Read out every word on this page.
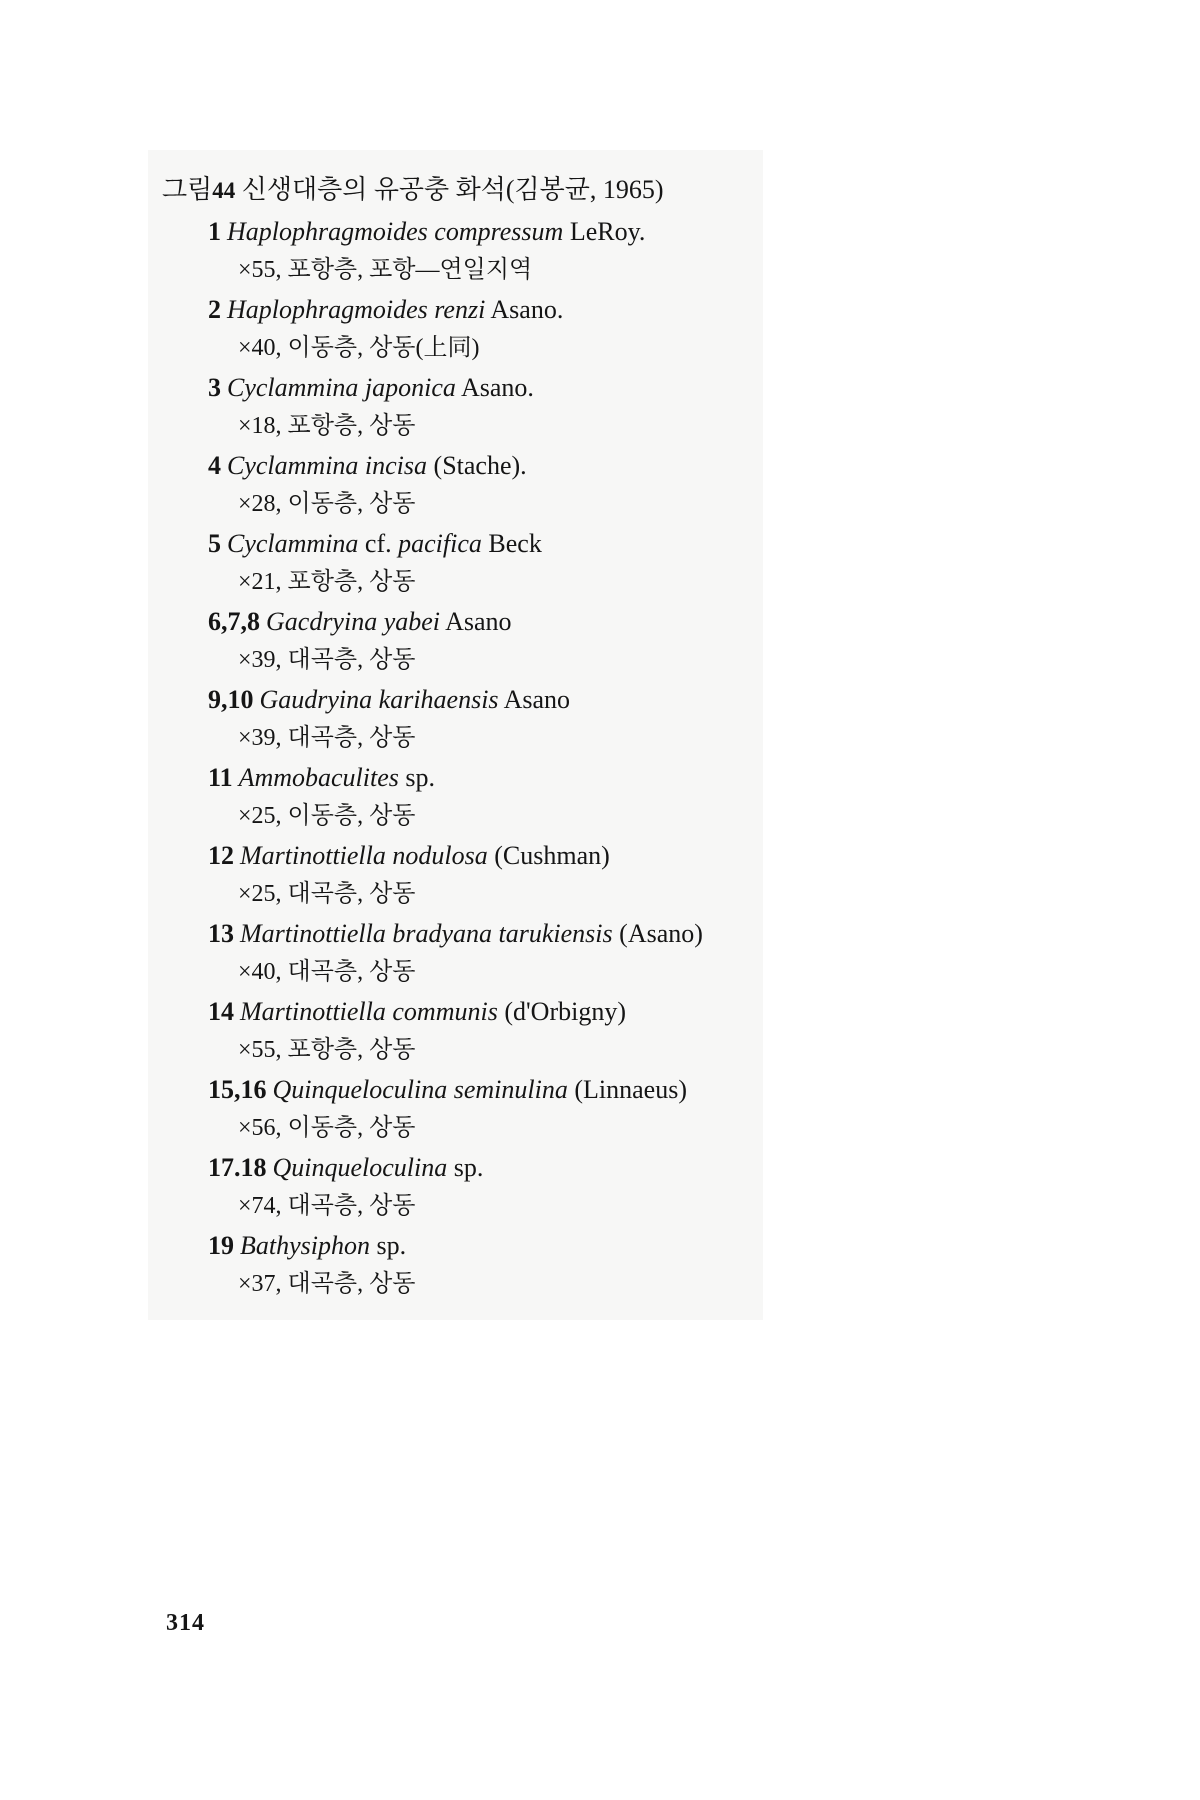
그림44 신생대층의 유공충 화석(김봉균, 1965)
1 Haplophragmoides compressum LeRoy.
×55, 포항층, 포항—연일지역
2 Haplophragmoides renzi Asano.
×40, 이동층, 상동(上同)
3 Cyclammina japonica Asano.
×18, 포항층, 상동
4 Cyclammina incisa (Stache).
×28, 이동층, 상동
5 Cyclammina cf. pacifica Beck
×21, 포항층, 상동
6,7,8 Gacdryina yabei Asano
×39, 대곡층, 상동
9,10 Gaudryina karihaensis Asano
×39, 대곡층, 상동
11 Ammobaculites sp.
×25, 이동층, 상동
12 Martinottiella nodulosa (Cushman)
×25, 대곡층, 상동
13 Martinottiella bradyana tarukiensis (Asano)
×40, 대곡층, 상동
14 Martinottiella communis (d'Orbigny)
×55, 포항층, 상동
15,16 Quinqueloculina seminulina (Linnaeus)
×56, 이동층, 상동
17.18 Quinqueloculina sp.
×74, 대곡층, 상동
19 Bathysiphon sp.
×37, 대곡층, 상동
314
